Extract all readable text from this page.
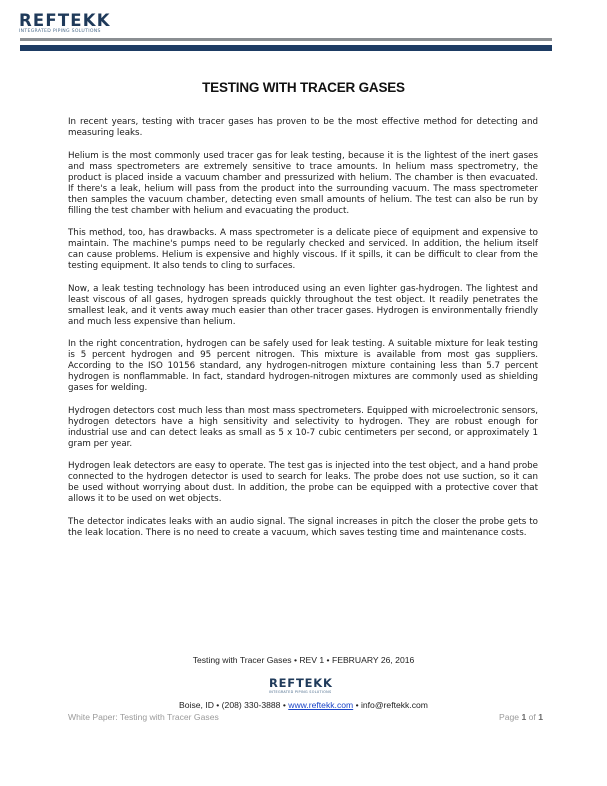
REFTEKK
INTEGRATED PIPING SOLUTIONS
TESTING WITH TRACER GASES

In recent years, testing with tracer gases has proven to be the most effective method for detecting and measuring leaks.

Helium is the most commonly used tracer gas for leak testing, because it is the lightest of the inert gases and mass spectrometers are extremely sensitive to trace amounts. In helium mass spectrometry, the product is placed inside a vacuum chamber and pressurized with helium. The chamber is then evacuated. If there's a leak, helium will pass from the product into the surrounding vacuum. The mass spectrometer then samples the vacuum chamber, detecting even small amounts of helium. The test can also be run by filling the test chamber with helium and evacuating the product.

This method, too, has drawbacks. A mass spectrometer is a delicate piece of equipment and expensive to maintain. The machine's pumps need to be regularly checked and serviced. In addition, the helium itself can cause problems. Helium is expensive and highly viscous. If it spills, it can be difficult to clear from the testing equipment. It also tends to cling to surfaces.

Now, a leak testing technology has been introduced using an even lighter gas-hydrogen. The lightest and least viscous of all gases, hydrogen spreads quickly throughout the test object. It readily penetrates the smallest leak, and it vents away much easier than other tracer gases. Hydrogen is environmentally friendly and much less expensive than helium.

In the right concentration, hydrogen can be safely used for leak testing. A suitable mixture for leak testing is 5 percent hydrogen and 95 percent nitrogen. This mixture is available from most gas suppliers. According to the ISO 10156 standard, any hydrogen-nitrogen mixture containing less than 5.7 percent hydrogen is nonflammable. In fact, standard hydrogen-nitrogen mixtures are commonly used as shielding gases for welding.

Hydrogen detectors cost much less than most mass spectrometers. Equipped with microelectronic sensors, hydrogen detectors have a high sensitivity and selectivity to hydrogen. They are robust enough for industrial use and can detect leaks as small as 5 x 10-7 cubic centimeters per second, or approximately 1 gram per year.

Hydrogen leak detectors are easy to operate. The test gas is injected into the test object, and a hand probe connected to the hydrogen detector is used to search for leaks. The probe does not use suction, so it can be used without worrying about dust. In addition, the probe can be equipped with a protective cover that allows it to be used on wet objects.

The detector indicates leaks with an audio signal. The signal increases in pitch the closer the probe gets to the leak location. There is no need to create a vacuum, which saves testing time and maintenance costs.

Testing with Tracer Gases • REV 1 • FEBRUARY 26, 2016
REFTEKK
INTEGRATED PIPING SOLUTIONS
Boise, ID • (208) 330-3888 • www.reftekk.com • info@reftekk.com
White Paper: Testing with Tracer Gases	Page 1 of 1
